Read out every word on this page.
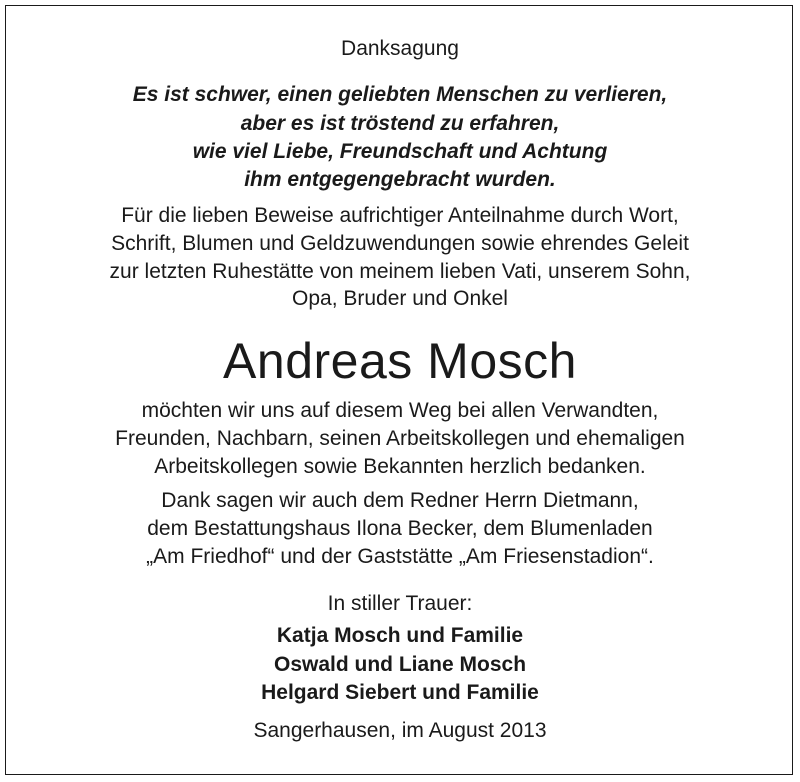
Danksagung
Es ist schwer, einen geliebten Menschen zu verlieren,
aber es ist tröstend zu erfahren,
wie viel Liebe, Freundschaft und Achtung
ihm entgegengebracht wurden.
Für die lieben Beweise aufrichtiger Anteilnahme durch Wort,
Schrift, Blumen und Geldzuwendungen sowie ehrendes Geleit
zur letzten Ruhestätte von meinem lieben Vati, unserem Sohn,
Opa, Bruder und Onkel
Andreas Mosch
möchten wir uns auf diesem Weg bei allen Verwandten,
Freunden, Nachbarn, seinen Arbeitskollegen und ehemaligen
Arbeitskollegen sowie Bekannten herzlich bedanken.
Dank sagen wir auch dem Redner Herrn Dietmann,
dem Bestattungshaus Ilona Becker, dem Blumenladen
„Am Friedhof“ und der Gaststätte „Am Friesenstadion“.
In stiller Trauer:
Katja Mosch und Familie
Oswald und Liane Mosch
Helgard Siebert und Familie
Sangerhausen, im August 2013
